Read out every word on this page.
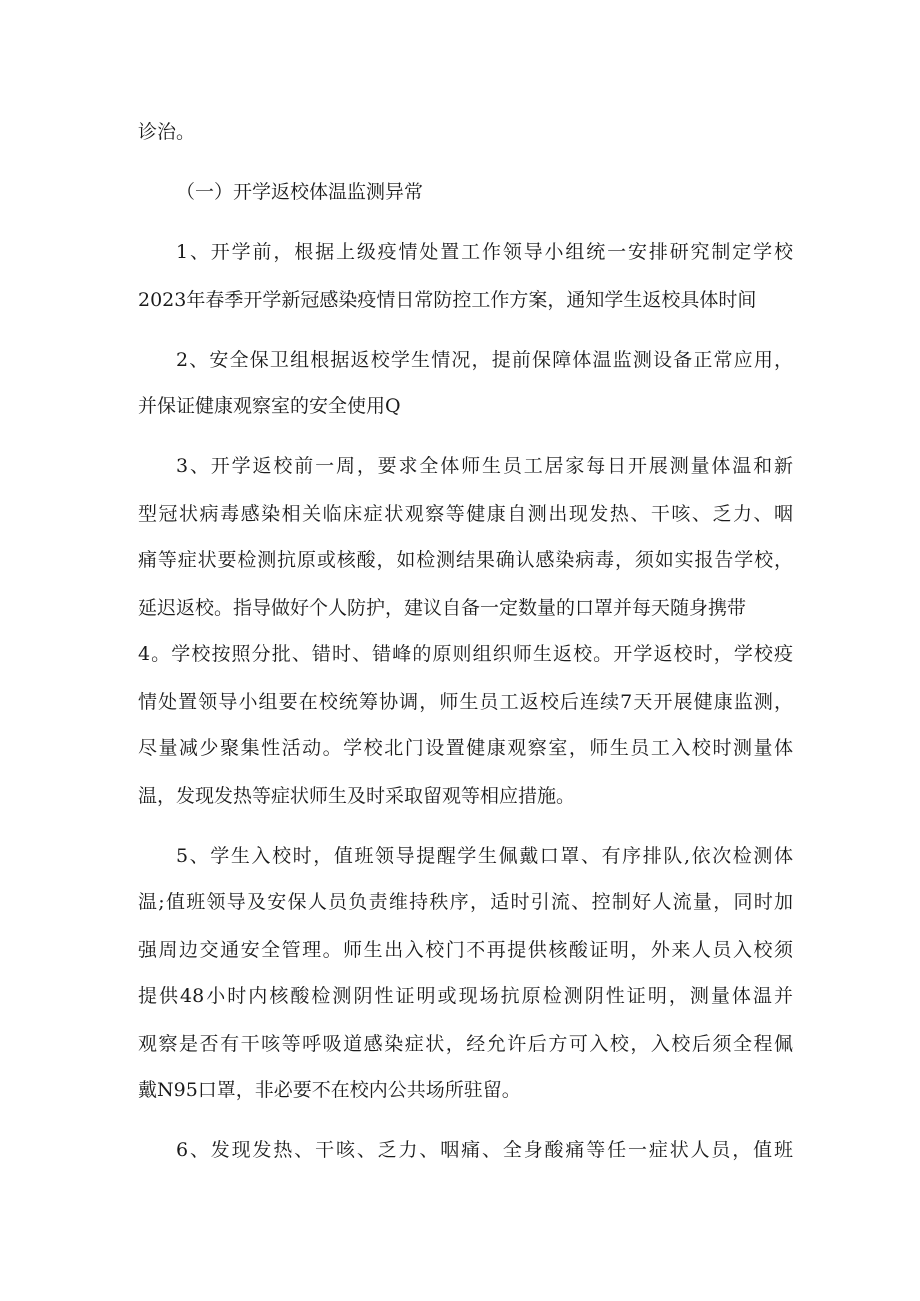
诊治。
（一）开学返校体温监测异常
1、开学前，根据上级疫情处置工作领导小组统一安排研究制定学校
2023年春季开学新冠感染疫情日常防控工作方案，通知学生返校具体时间
2、安全保卫组根据返校学生情况，提前保障体温监测设备正常应用，
并保证健康观察室的安全使用Q
3、开学返校前一周，要求全体师生员工居家每日开展测量体温和新
型冠状病毒感染相关临床症状观察等健康自测出现发热、干咳、乏力、咽
痛等症状要检测抗原或核酸，如检测结果确认感染病毒，须如实报告学校，
延迟返校。指导做好个人防护，建议自备一定数量的口罩并每天随身携带
4。学校按照分批、错时、错峰的原则组织师生返校。开学返校时，学校疫
情处置领导小组要在校统筹协调，师生员工返校后连续7天开展健康监测，
尽量减少聚集性活动。学校北门设置健康观察室，师生员工入校时测量体
温，发现发热等症状师生及时采取留观等相应措施。
5、学生入校时，值班领导提醒学生佩戴口罩、有序排队,依次检测体
温;值班领导及安保人员负责维持秩序，适时引流、控制好人流量，同时加
强周边交通安全管理。师生出入校门不再提供核酸证明，外来人员入校须
提供48小时内核酸检测阴性证明或现场抗原检测阴性证明，测量体温并
观察是否有干咳等呼吸道感染症状，经允许后方可入校，入校后须全程佩
戴N95口罩，非必要不在校内公共场所驻留。
6、发现发热、干咳、乏力、咽痛、全身酸痛等任一症状人员，值班
